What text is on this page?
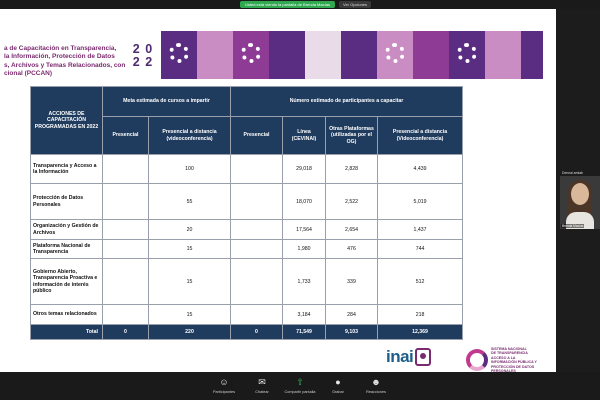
Usted está viendo la pantalla de Brenda Macías	Ver Opciones
a de Capacitación en Transparencia,
la Información, Protección de Datos
s, Archivos y Temas Relacionados, con
cional (PCCAN)
2 0
2 2
ACCIONES DE CAPACITACIÓN PROGRAMADAS EN 2022	Meta estimada de cursos a impartir		Número estimado de participantes a capacitar			
	Presencial	Presencial a distancia (videoconferencia)	Presencial	Línea (CEVINAI)	Otras Plataformas (utilizadas por el OG)	Presencial a distancia (Videoconferencia)
Transparencia y Acceso a la Información		100		29,018	2,828	4,439
Protección de Datos Personales		55		18,070	2,522	5,019
Organización y Gestión de Archivos		20		17,564	2,654	1,437
Plataforma Nacional de Transparencia		15		1,980	476	744
Gobierno Abierto, Transparencia Proactiva e información de interés público		15		1,733	339	512
Otros temas relacionados		15		3,184	284	218
Total	0	220	0	71,549	9,103	12,369
inai	SISTEMA NACIONAL
DE TRANSPARENCIA
ACCESO A LA INFORMACIÓN PÚBLICA Y
PROTECCIÓN DE DATOS PERSONALES
Dennai amiab
Brenda Macías
☺
Participantes
✉
Chatear
⇧
Compartir pantalla
●
Grabar
☻
Reacciones
